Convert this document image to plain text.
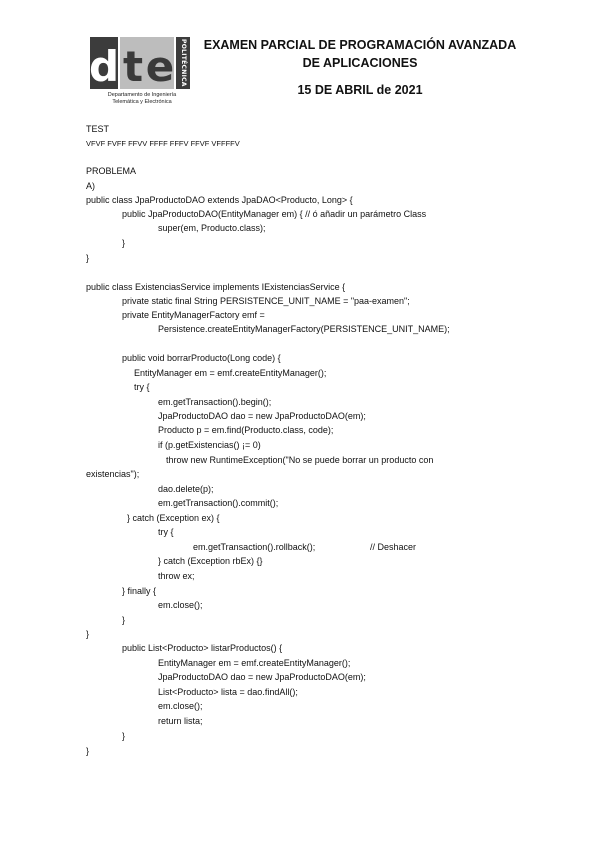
d t e POLITÉCNICA
Departamento de Ingeniería
Telemática y Electrónica
EXAMEN PARCIAL DE PROGRAMACIÓN AVANZADA
DE APLICACIONES
15 DE ABRIL de 2021
TEST
VFVF FVFF FFVV FFFF FFFV FFVF VFFFFV
PROBLEMA
A)
public class JpaProductoDAO extends JpaDAO<Producto, Long> {
public JpaProductoDAO(EntityManager em) { // ó añadir un parámetro Class
super(em, Producto.class);
}
}
public class ExistenciasService implements IExistenciasService {
private static final String PERSISTENCE_UNIT_NAME = "paa-examen";
private EntityManagerFactory emf =
Persistence.createEntityManagerFactory(PERSISTENCE_UNIT_NAME);
public void borrarProducto(Long code) {
EntityManager em = emf.createEntityManager();
try {
em.getTransaction().begin();
JpaProductoDAO dao = new JpaProductoDAO(em);
Producto p = em.find(Producto.class, code);
if (p.getExistencias() ¡= 0)
throw new RuntimeException("No se puede borrar un producto con
existencias");
dao.delete(p);
em.getTransaction().commit();
} catch (Exception ex) {
try {
em.getTransaction().rollback();	// Deshacer
} catch (Exception rbEx) {}
throw ex;
} finally {
em.close();
}
}
public List<Producto> listarProductos() {
EntityManager em = emf.createEntityManager();
JpaProductoDAO dao = new JpaProductoDAO(em);
List<Producto> lista = dao.findAll();
em.close();
return lista;
}
}
